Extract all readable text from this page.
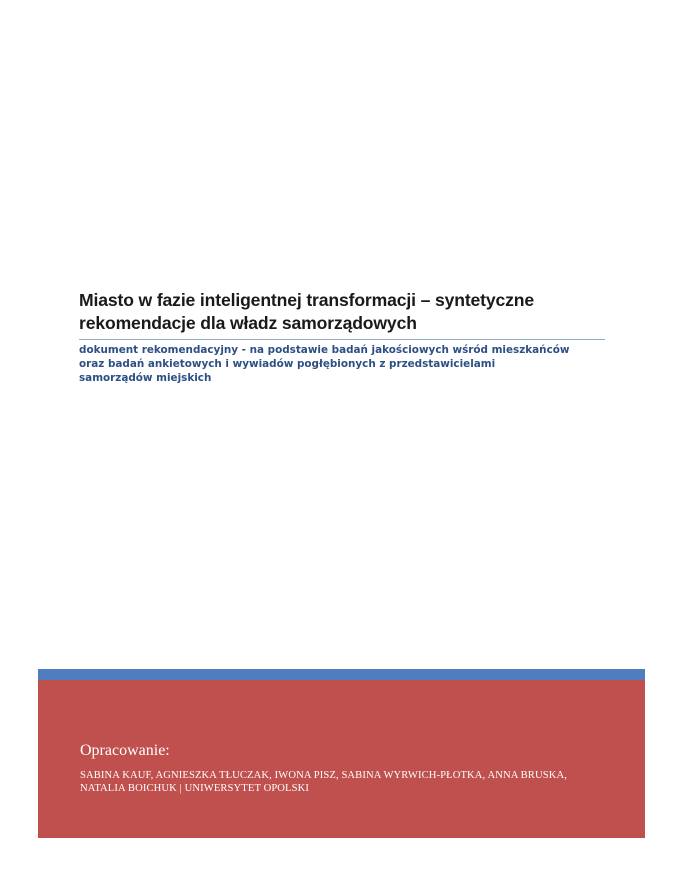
Miasto w fazie inteligentnej transformacji – syntetyczne
rekomendacje dla władz samorządowych

dokument rekomendacyjny - na podstawie badań jakościowych wśród mieszkańców
oraz badań ankietowych i wywiadów pogłębionych z przedstawicielami
samorządów miejskich

Opracowanie:
SABINA KAUF, AGNIESZKA TŁUCZAK, IWONA PISZ, SABINA WYRWICH-PŁOTKA, ANNA BRUSKA,
NATALIA BOICHUK | UNIWERSYTET OPOLSKI
